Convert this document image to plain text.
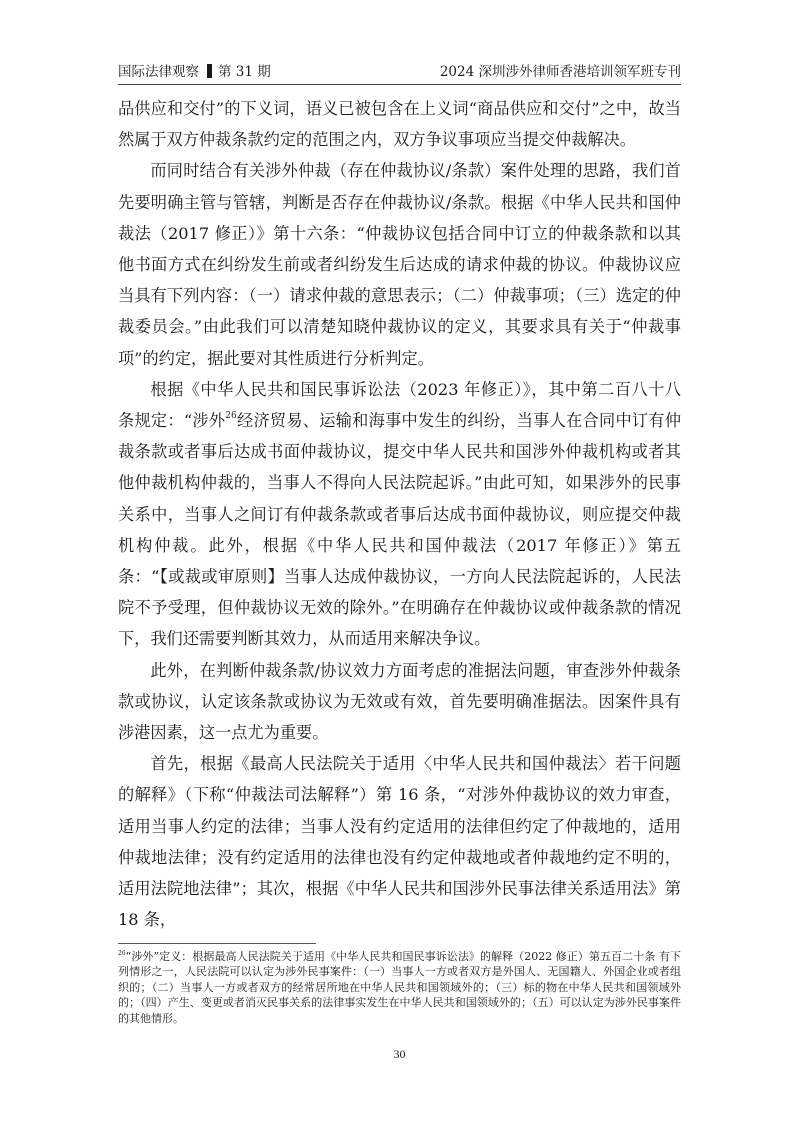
国际法律观察 第 31 期	2024 深圳涉外律师香港培训领军班专刊

品供应和交付”的下义词，语义已被包含在上义词“商品供应和交付”之中，故当然属于双方仲裁条款约定的范围之内，双方争议事项应当提交仲裁解决。

而同时结合有关涉外仲裁（存在仲裁协议/条款）案件处理的思路，我们首先要明确主管与管辖，判断是否存在仲裁协议/条款。根据《中华人民共和国仲裁法（2017 修正）》第十六条：“仲裁协议包括合同中订立的仲裁条款和以其他书面方式在纠纷发生前或者纠纷发生后达成的请求仲裁的协议。仲裁协议应当具有下列内容：（一）请求仲裁的意思表示；（二）仲裁事项；（三）选定的仲裁委员会。”由此我们可以清楚知晓仲裁协议的定义，其要求具有关于“仲裁事项”的约定，据此要对其性质进行分析判定。

根据《中华人民共和国民事诉讼法（2023 年修正）》，其中第二百八十八条规定：“涉外$^{26}$经济贸易、运输和海事中发生的纠纷，当事人在合同中订有仲裁条款或者事后达成书面仲裁协议，提交中华人民共和国涉外仲裁机构或者其他仲裁机构仲裁的，当事人不得向人民法院起诉。”由此可知，如果涉外的民事关系中，当事人之间订有仲裁条款或者事后达成书面仲裁协议，则应提交仲裁机构仲裁。此外，根据《中华人民共和国仲裁法（2017 年修正）》第五条：“【或裁或审原则】当事人达成仲裁协议，一方向人民法院起诉的，人民法院不予受理，但仲裁协议无效的除外。”在明确存在仲裁协议或仲裁条款的情况下，我们还需要判断其效力，从而适用来解决争议。

此外，在判断仲裁条款/协议效力方面考虑的准据法问题，审查涉外仲裁条款或协议，认定该条款或协议为无效或有效，首先要明确准据法。因案件具有涉港因素，这一点尤为重要。

首先，根据《最高人民法院关于适用〈中华人民共和国仲裁法〉若干问题的解释》（下称“仲裁法司法解释”）第 16 条，“对涉外仲裁协议的效力审查，适用当事人约定的法律；当事人没有约定适用的法律但约定了仲裁地的，适用仲裁地法律；没有约定适用的法律也没有约定仲裁地或者仲裁地约定不明的，适用法院地法律”；其次，根据《中华人民共和国涉外民事法律关系适用法》第 18 条，

$^{26}$“涉外”定义：根据最高人民法院关于适用《中华人民共和国民事诉讼法》的解释（2022 修正）第五百二十条 有下列情形之一，人民法院可以认定为涉外民事案件：（一）当事人一方或者双方是外国人、无国籍人、外国企业或者组织的；（二）当事人一方或者双方的经常居所地在中华人民共和国领域外的；（三）标的物在中华人民共和国领域外的；（四）产生、变更或者消灭民事关系的法律事实发生在中华人民共和国领域外的；（五）可以认定为涉外民事案件的其他情形。
30
